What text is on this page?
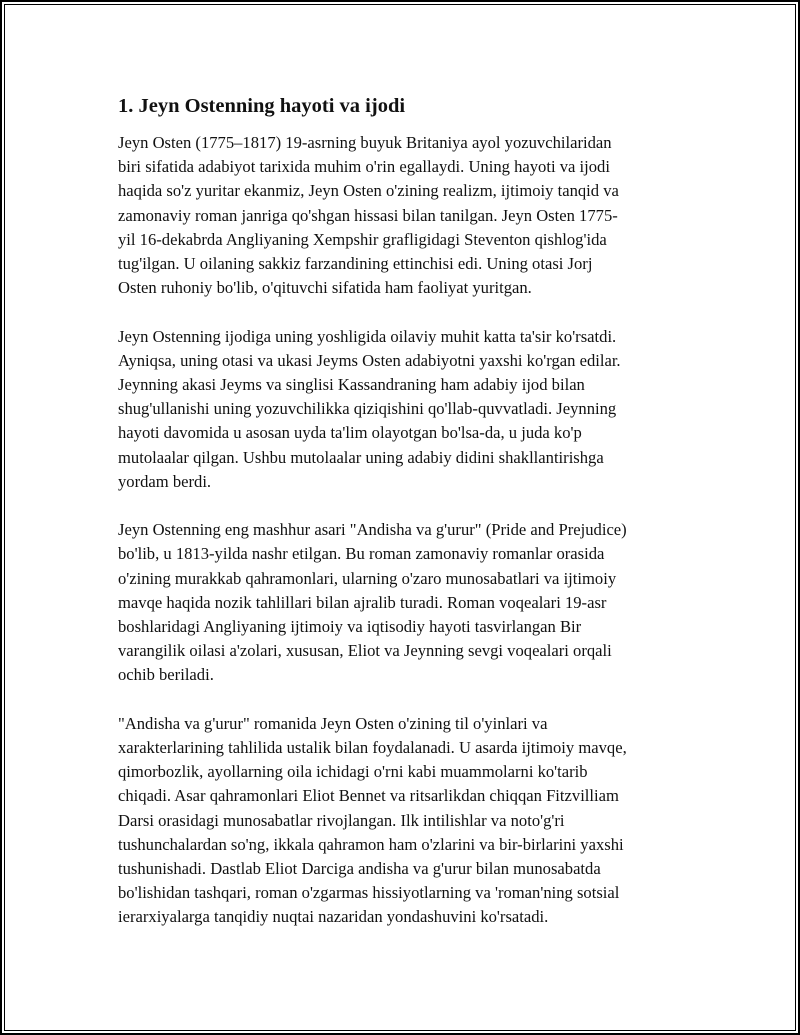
1. Jeyn Ostenning hayoti va ijodi

Jeyn Osten (1775–1817) 19-asrning buyuk Britaniya ayol yozuvchilaridan
biri sifatida adabiyot tarixida muhim o'rin egallaydi. Uning hayoti va ijodi
haqida so'z yuritar ekanmiz, Jeyn Osten o'zining realizm, ijtimoiy tanqid va
zamonaviy roman janriga qo'shgan hissasi bilan tanilgan. Jeyn Osten 1775-
yil 16-dekabrda Angliyaning Xempshir grafligidagi Steventon qishlog'ida
tug'ilgan. U oilaning sakkiz farzandining ettinchisi edi. Uning otasi Jorj
Osten ruhoniy bo'lib, o'qituvchi sifatida ham faoliyat yuritgan.

Jeyn Ostenning ijodiga uning yoshligida oilaviy muhit katta ta'sir ko'rsatdi.
Ayniqsa, uning otasi va ukasi Jeyms Osten adabiyotni yaxshi ko'rgan edilar.
Jeynning akasi Jeyms va singlisi Kassandraning ham adabiy ijod bilan
shug'ullanishi uning yozuvchilikka qiziqishini qo'llab-quvvatladi. Jeynning
hayoti davomida u asosan uyda ta'lim olayotgan bo'lsa-da, u juda ko'p
mutolaalar qilgan. Ushbu mutolaalar uning adabiy didini shakllantirishga
yordam berdi.

Jeyn Ostenning eng mashhur asari "Andisha va g'urur" (Pride and Prejudice)
bo'lib, u 1813-yilda nashr etilgan. Bu roman zamonaviy romanlar orasida
o'zining murakkab qahramonlari, ularning o'zaro munosabatlari va ijtimoiy
mavqe haqida nozik tahlillari bilan ajralib turadi. Roman voqealari 19-asr
boshlaridagi Angliyaning ijtimoiy va iqtisodiy hayoti tasvirlangan Bir
varangilik oilasi a'zolari, xususan, Eliot va Jeynning sevgi voqealari orqali
ochib beriladi.

"Andisha va g'urur" romanida Jeyn Osten o'zining til o'yinlari va
xarakterlarining tahlilida ustalik bilan foydalanadi. U asarda ijtimoiy mavqe,
qimorbozlik, ayollarning oila ichidagi o'rni kabi muammolarni ko'tarib
chiqadi. Asar qahramonlari Eliot Bennet va ritsarlikdan chiqqan Fitzvilliam
Darsi orasidagi munosabatlar rivojlangan. Ilk intilishlar va noto'g'ri
tushunchalardan so'ng, ikkala qahramon ham o'zlarini va bir-birlarini yaxshi
tushunishadi. Dastlab Eliot Darciga andisha va g'urur bilan munosabatda
bo'lishidan tashqari, roman o'zgarmas hissiyotlarning va 'roman'ning sotsial
ierarxiyalarga tanqidiy nuqtai nazaridan yondashuvini ko'rsatadi.
